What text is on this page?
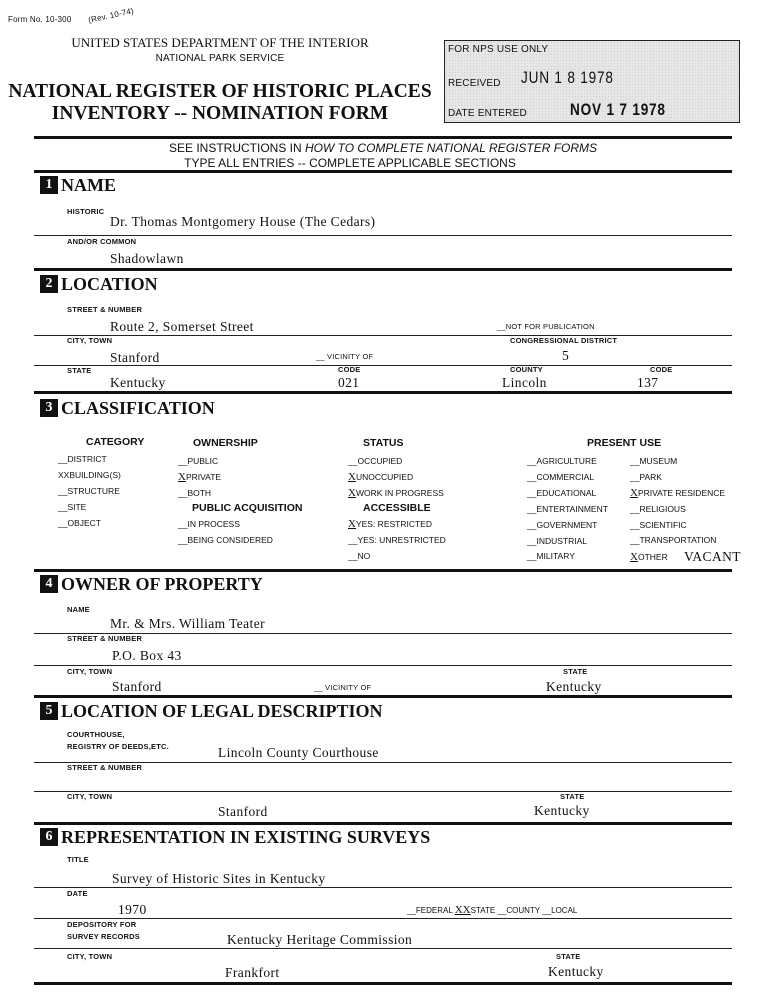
Form No. 10-300 (Rev. 10-74)
UNITED STATES DEPARTMENT OF THE INTERIOR
NATIONAL PARK SERVICE
NATIONAL REGISTER OF HISTORIC PLACES
INVENTORY -- NOMINATION FORM
FOR NPS USE ONLY
RECEIVED JUN 1 8 1978
DATE ENTERED	NOV 1 7 1978
SEE INSTRUCTIONS IN HOW TO COMPLETE NATIONAL REGISTER FORMS
TYPE ALL ENTRIES -- COMPLETE APPLICABLE SECTIONS
1 NAME
HISTORIC
Dr. Thomas Montgomery House (The Cedars)
AND/OR COMMON
Shadowlawn
2 LOCATION
STREET & NUMBER
Route 2, Somerset Street	__NOT FOR PUBLICATION
CITY, TOWN	CONGRESSIONAL DISTRICT
Stanford	__ VICINITY OF	5
STATE	CODE	COUNTY	CODE
Kentucky	021	Lincoln	137
3 CLASSIFICATION
CATEGORY
__DISTRICT
XXBUILDING(S)
__STRUCTURE
__SITE
__OBJECT
OWNERSHIP
__PUBLIC
XPRIVATE
__BOTH
PUBLIC ACQUISITION
__IN PROCESS
__BEING CONSIDERED
STATUS
__OCCUPIED
XUNOCCUPIED
XWORK IN PROGRESS
ACCESSIBLE
XYES: RESTRICTED
__YES: UNRESTRICTED
__NO
PRESENT USE
__AGRICULTURE
__COMMERCIAL
__EDUCATIONAL
__ENTERTAINMENT
__GOVERNMENT
__INDUSTRIAL
__MILITARY
__MUSEUM
__PARK
XPRIVATE RESIDENCE
__RELIGIOUS
__SCIENTIFIC
__TRANSPORTATION
XOTHER VACANT
4 OWNER OF PROPERTY
NAME
Mr. & Mrs. William Teater
STREET & NUMBER
P.O. Box 43
CITY, TOWN	STATE
Stanford	__ VICINITY OF	Kentucky
5 LOCATION OF LEGAL DESCRIPTION
COURTHOUSE,
REGISTRY OF DEEDS,ETC.	Lincoln County Courthouse
STREET & NUMBER
CITY, TOWN	STATE
Stanford	Kentucky
6 REPRESENTATION IN EXISTING SURVEYS
TITLE
Survey of Historic Sites in Kentucky
DATE
1970	__FEDERAL XXSTATE __COUNTY __LOCAL
DEPOSITORY FOR
SURVEY RECORDS	Kentucky Heritage Commission
CITY, TOWN	STATE
Frankfort	Kentucky
